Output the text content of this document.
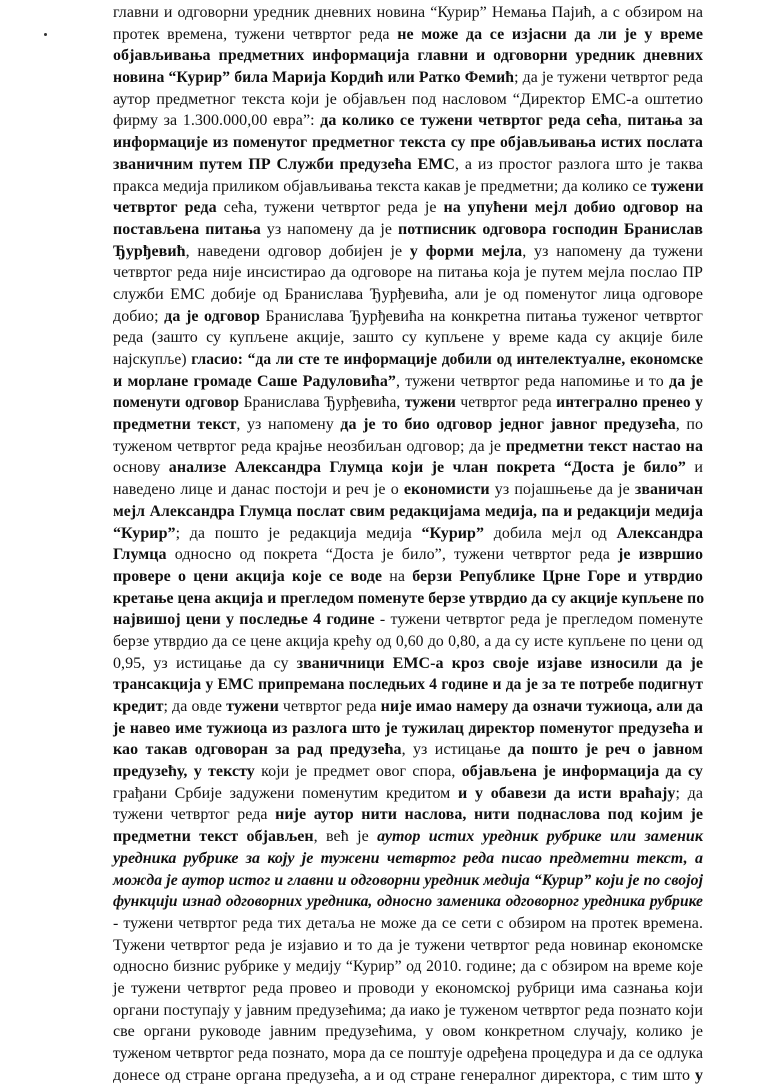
главни и одговорни уредник дневних новина “Курир” Немања Пајић, а с обзиром на
протек времена, тужени четвртог реда не може да се изјасни да ли је у време
објављивања предметних информација главни и одговорни уредник дневних
новина “Курир” била Марија Кордић или Ратко Фемић; да је тужени четвртог реда
аутор предметног текста који је објављен под насловом “Директор ЕМС-а оштетио
фирму за 1.300.000,00 евра”: да колико се тужени четвртог реда сећа, питања за
информације из поменутог предметног текста су пре објављивања истих послата
званичним путем ПР Служби предузећа ЕМС, а из простог разлога што је таква
пракса медија приликом објављивања текста какав је предметни; да колико се тужени
четвртог реда сећа, тужени четвртог реда је на упућени мејл добио одговор на
постављена питања уз напомену да је потписник одговора господин Бранислав
Ђурђевић, наведени одговор добијен је у форми мејла, уз напомену да тужени
четвртог реда није инсистирао да одговоре на питања која је путем мејла послао ПР
служби ЕМС добије од Бранислава Ђурђевића, али је од поменутог лица одговоре
добио; да је одговор Бранислава Ђурђевића на конкретна питања туженог четвртог
реда (зашто су купљене акције, зашто су купљене у време када су акције биле
најскупље) гласио: “да ли сте те информације добили од интелектуалне, економске
и морлане громаде Саше Радуловића”, тужени четвртог реда напомиње и то да је
поменути одговор Бранислава Ђурђевића, тужени четвртог реда интегрално пренео у
предметни текст, уз напомену да је то био одговор једног јавног предузећа, по
туженом четвртог реда крајње неозбиљан одговор; да је предметни текст настао на
основу анализе Александра Глумца који је члан покрета “Доста је било” и
наведено лице и данас постоји и реч је о економисти уз појашњење да је званичан
мејл Александра Глумца послат свим редакцијама медија, па и редакцији медија
“Курир”; да пошто је редакција медија “Курир” добила мејл од Александра
Глумца односно од покрета “Доста је било”, тужени четвртог реда је извршио
провере о цени акција које се воде на берзи Републике Црне Горе и утврдио
кретање цена акција и прегледом поменуте берзе утврдио да су акције купљене по
највишој цени у последње 4 године - тужени четвртог реда је прегледом поменуте
берзе утврдио да се цене акција крећу од 0,60 до 0,80, а да су исте купљене по цени од
0,95, уз истицање да су званичници ЕМС-а кроз своје изјаве износили да је
трансакција у ЕМС припремана последњих 4 године и да је за те потребе подигнут
кредит; да овде тужени четвртог реда није имао намеру да означи тужиоца, али да
је навео име тужиоца из разлога што је тужилац директор поменутог предузећа и
као такав одговоран за рад предузећа, уз истицање да пошто је реч о јавном
предузећу, у тексту који је предмет овог спора, објављена је информација да су
грађани Србије задужени поменутим кредитом и у обавези да исти враћају; да
тужени четвртог реда није аутор нити наслова, нити поднаслова под којим је
предметни текст објављен, већ је аутор истих уредник рубрике или заменик
уредника рубрике за коју је тужени четвртог реда писао предметни текст, а
можда је аутор истог и главни и одговорни уредник медија “Курир” који је по својој
функцији изнад одговорних уредника, односно заменика одговорног уредника рубрике
- тужени четвртог реда тих детаља не може да се сети с обзиром на протек времена.
Тужени четвртог реда је изјавио и то да је тужени четвртог реда новинар економске
односно бизнис рубрике у медију “Курир” од 2010. године; да с обзиром на време које
је тужени четвртог реда провео и проводи у економској рубрици има сазнања који
органи поступају у јавним предузећима; да иако је туженом четвртог реда познато који
све органи руководе јавним предузећима, у овом конкретном случају, колико је
туженом четвртог реда познато, мора да се поштује одређена процедура и да се одлука
донесе од стране органа предузећа, а и од стране генералног директора, с тим што у
